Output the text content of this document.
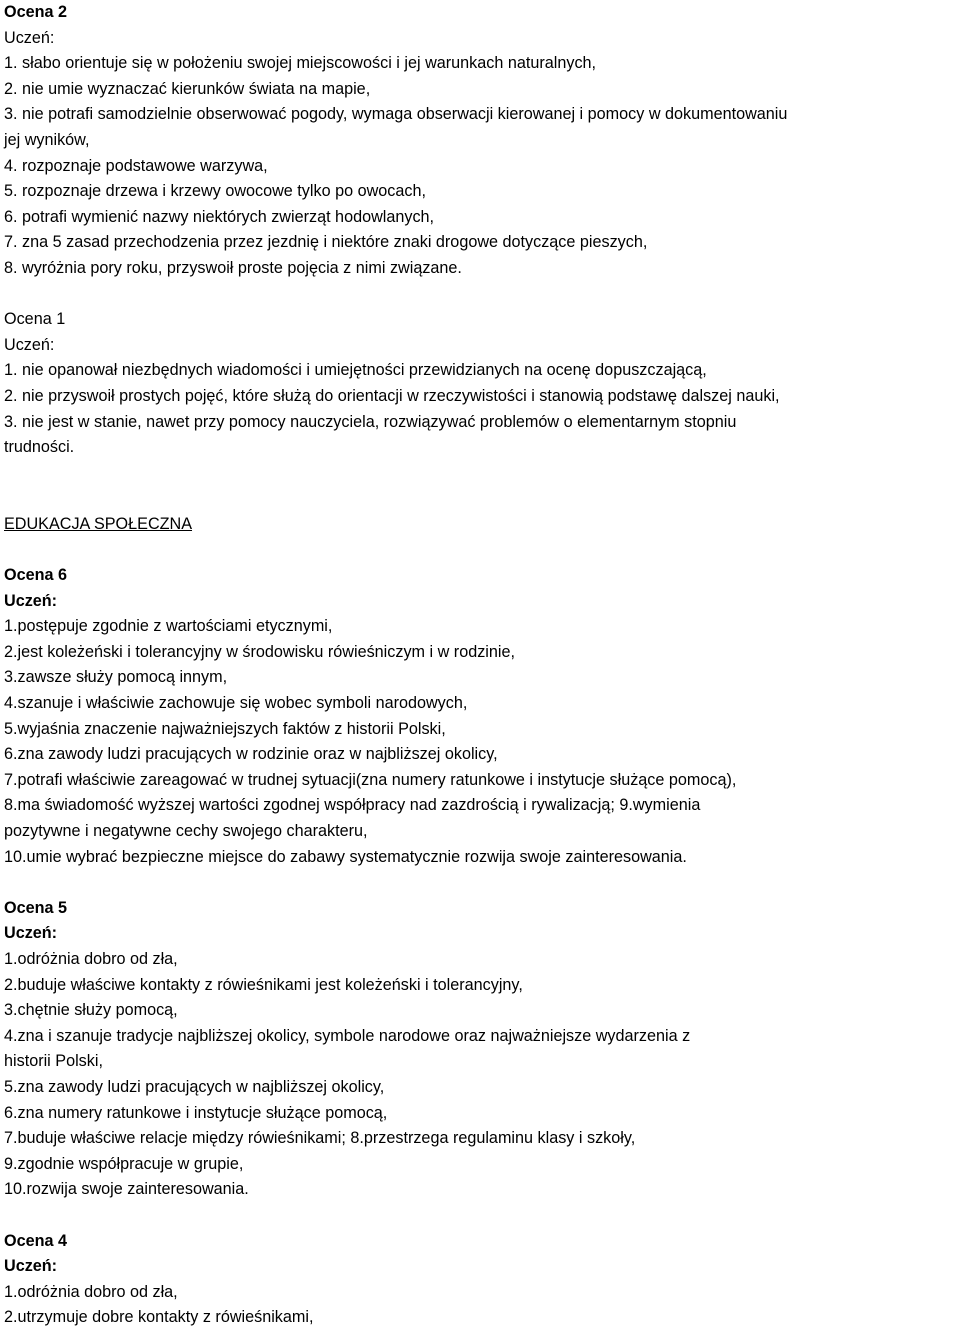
Ocena 2
Uczeń:
1. słabo orientuje się w położeniu swojej miejscowości i jej warunkach naturalnych,
2. nie umie wyznaczać kierunków świata na mapie,
3. nie potrafi samodzielnie obserwować pogody, wymaga obserwacji kierowanej i pomocy w dokumentowaniu
jej wyników,
4. rozpoznaje podstawowe warzywa,
5. rozpoznaje drzewa i krzewy owocowe tylko po owocach,
6. potrafi wymienić nazwy niektórych zwierząt hodowlanych,
7. zna 5 zasad przechodzenia przez jezdnię i niektóre znaki drogowe dotyczące pieszych,
8. wyróżnia pory roku, przyswoił proste pojęcia z nimi związane.
Ocena 1
Uczeń:
1. nie opanował niezbędnych wiadomości i umiejętności przewidzianych na ocenę dopuszczającą,
2. nie przyswoił prostych pojęć, które służą do orientacji w rzeczywistości i stanowią podstawę dalszej nauki,
3. nie jest w stanie, nawet przy pomocy nauczyciela, rozwiązywać problemów o elementarnym stopniu
trudności.
EDUKACJA SPOŁECZNA
Ocena 6
Uczeń:
1.postępuje zgodnie z wartościami etycznymi,
2.jest koleżeński i tolerancyjny w środowisku rówieśniczym i w rodzinie,
3.zawsze służy pomocą innym,
4.szanuje i właściwie zachowuje się wobec symboli narodowych,
5.wyjaśnia znaczenie najważniejszych faktów z historii Polski,
6.zna zawody ludzi pracujących w rodzinie oraz w najbliższej okolicy,
7.potrafi właściwie zareagować w trudnej sytuacji(zna numery ratunkowe i instytucje służące pomocą),
8.ma świadomość wyższej wartości zgodnej współpracy nad zazdrością i rywalizacją; 9.wymienia
pozytywne i negatywne cechy swojego charakteru,
10.umie wybrać bezpieczne miejsce do zabawy systematycznie rozwija swoje zainteresowania.
Ocena 5
Uczeń:
1.odróżnia dobro od zła,
2.buduje właściwe kontakty z rówieśnikami jest koleżeński i tolerancyjny,
3.chętnie służy pomocą,
4.zna i szanuje tradycje najbliższej okolicy, symbole narodowe oraz najważniejsze wydarzenia z
historii Polski,
5.zna zawody ludzi pracujących w najbliższej okolicy,
6.zna numery ratunkowe i instytucje służące pomocą,
7.buduje właściwe relacje między rówieśnikami; 8.przestrzega regulaminu klasy i szkoły,
9.zgodnie współpracuje w grupie,
10.rozwija swoje zainteresowania.
Ocena 4
Uczeń:
1.odróżnia dobro od zła,
2.utrzymuje dobre kontakty z rówieśnikami,
